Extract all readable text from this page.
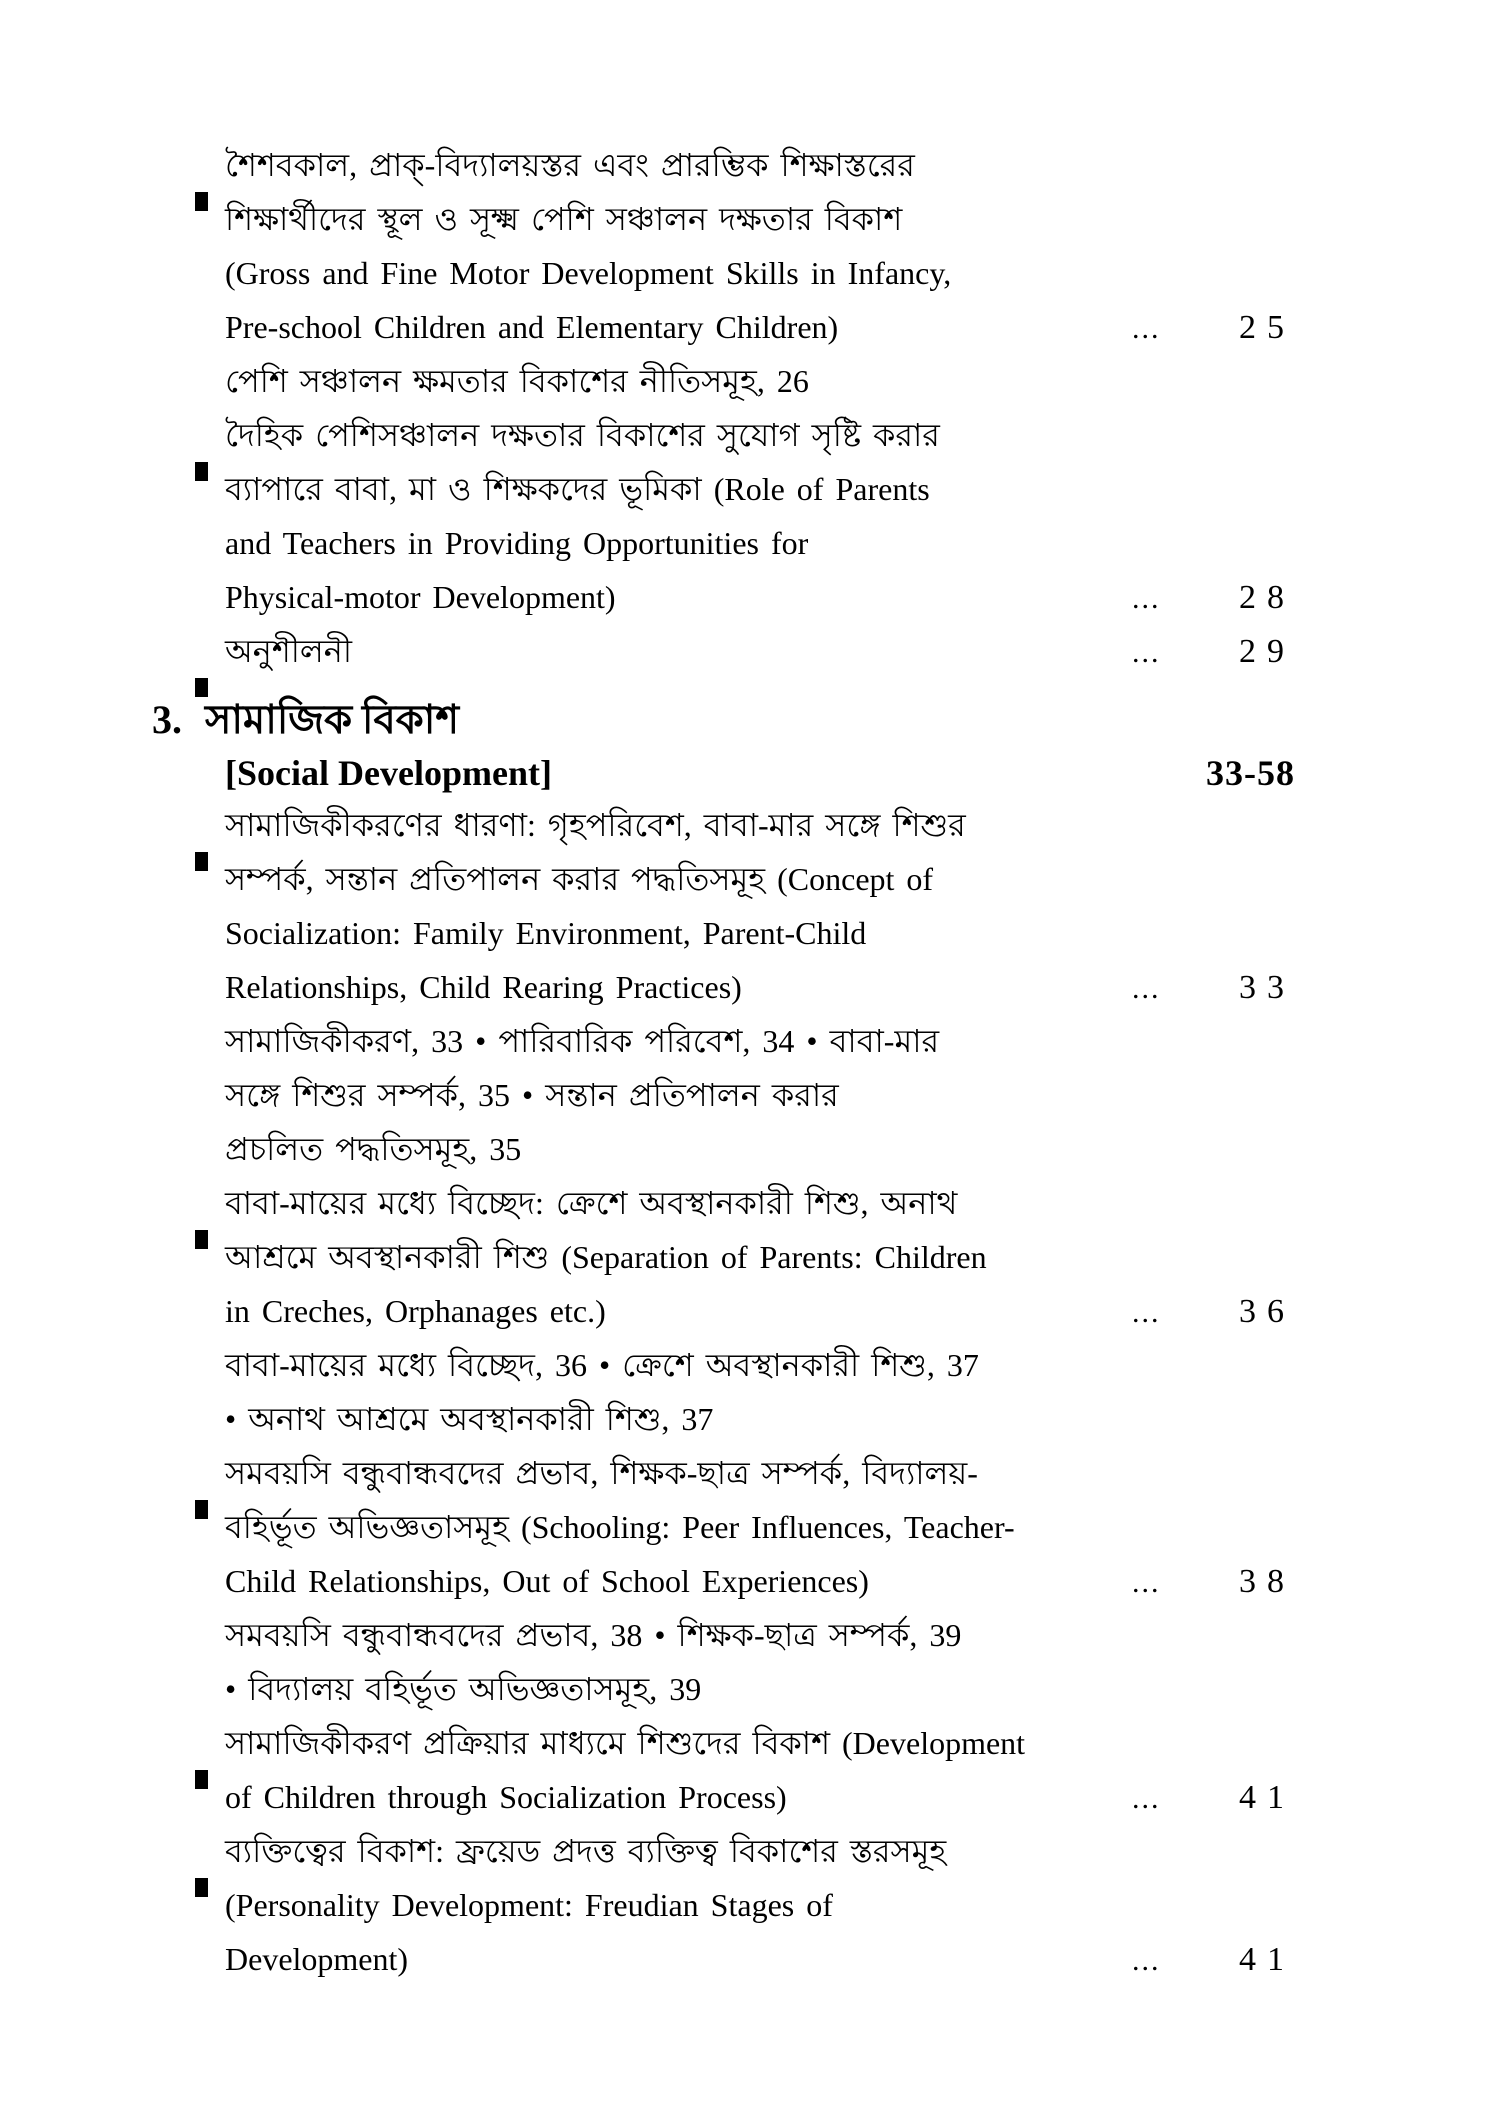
শৈশবকাল, প্রাক্-বিদ্যালয়স্তর এবং প্রারম্ভিক শিক্ষাস্তরের
শিক্ষার্থীদের স্থূল ও সূক্ষ্ম পেশি সঞ্চালন দক্ষতার বিকাশ
(Gross and Fine Motor Development Skills in Infancy,
Pre-school Children and Elementary Children)	...	25
পেশি সঞ্চালন ক্ষমতার বিকাশের নীতিসমূহ, 26
দৈহিক পেশিসঞ্চালন দক্ষতার বিকাশের সুযোগ সৃষ্টি করার
ব্যাপারে বাবা, মা ও শিক্ষকদের ভূমিকা (Role of Parents
and Teachers in Providing Opportunities for
Physical-motor Development)	...	28
অনুশীলনী	...	29
3. সামাজিক বিকাশ
[Social Development]	33-58
সামাজিকীকরণের ধারণা: গৃহপরিবেশ, বাবা-মার সঙ্গে শিশুর
সম্পর্ক, সন্তান প্রতিপালন করার পদ্ধতিসমূহ (Concept of
Socialization: Family Environment, Parent-Child
Relationships, Child Rearing Practices)	...	33
সামাজিকীকরণ, 33 • পারিবারিক পরিবেশ, 34 • বাবা-মার
সঙ্গে শিশুর সম্পর্ক, 35 • সন্তান প্রতিপালন করার
প্রচলিত পদ্ধতিসমূহ, 35
বাবা-মায়ের মধ্যে বিচ্ছেদ: ক্রেশে অবস্থানকারী শিশু, অনাথ
আশ্রমে অবস্থানকারী শিশু (Separation of Parents: Children
in Creches, Orphanages etc.)	...	36
বাবা-মায়ের মধ্যে বিচ্ছেদ, 36 • ক্রেশে অবস্থানকারী শিশু, 37
• অনাথ আশ্রমে অবস্থানকারী শিশু, 37
সমবয়সি বন্ধুবান্ধবদের প্রভাব, শিক্ষক-ছাত্র সম্পর্ক, বিদ্যালয়-
বহির্ভূত অভিজ্ঞতাসমূহ (Schooling: Peer Influences, Teacher-
Child Relationships, Out of School Experiences)	...	38
সমবয়সি বন্ধুবান্ধবদের প্রভাব, 38 • শিক্ষক-ছাত্র সম্পর্ক, 39
• বিদ্যালয় বহির্ভূত অভিজ্ঞতাসমূহ, 39
সামাজিকীকরণ প্রক্রিয়ার মাধ্যমে শিশুদের বিকাশ (Development
of Children through Socialization Process)	...	41
ব্যক্তিত্বের বিকাশ: ফ্রয়েড প্রদত্ত ব্যক্তিত্ব বিকাশের স্তরসমূহ
(Personality Development: Freudian Stages of
Development)	...	41
